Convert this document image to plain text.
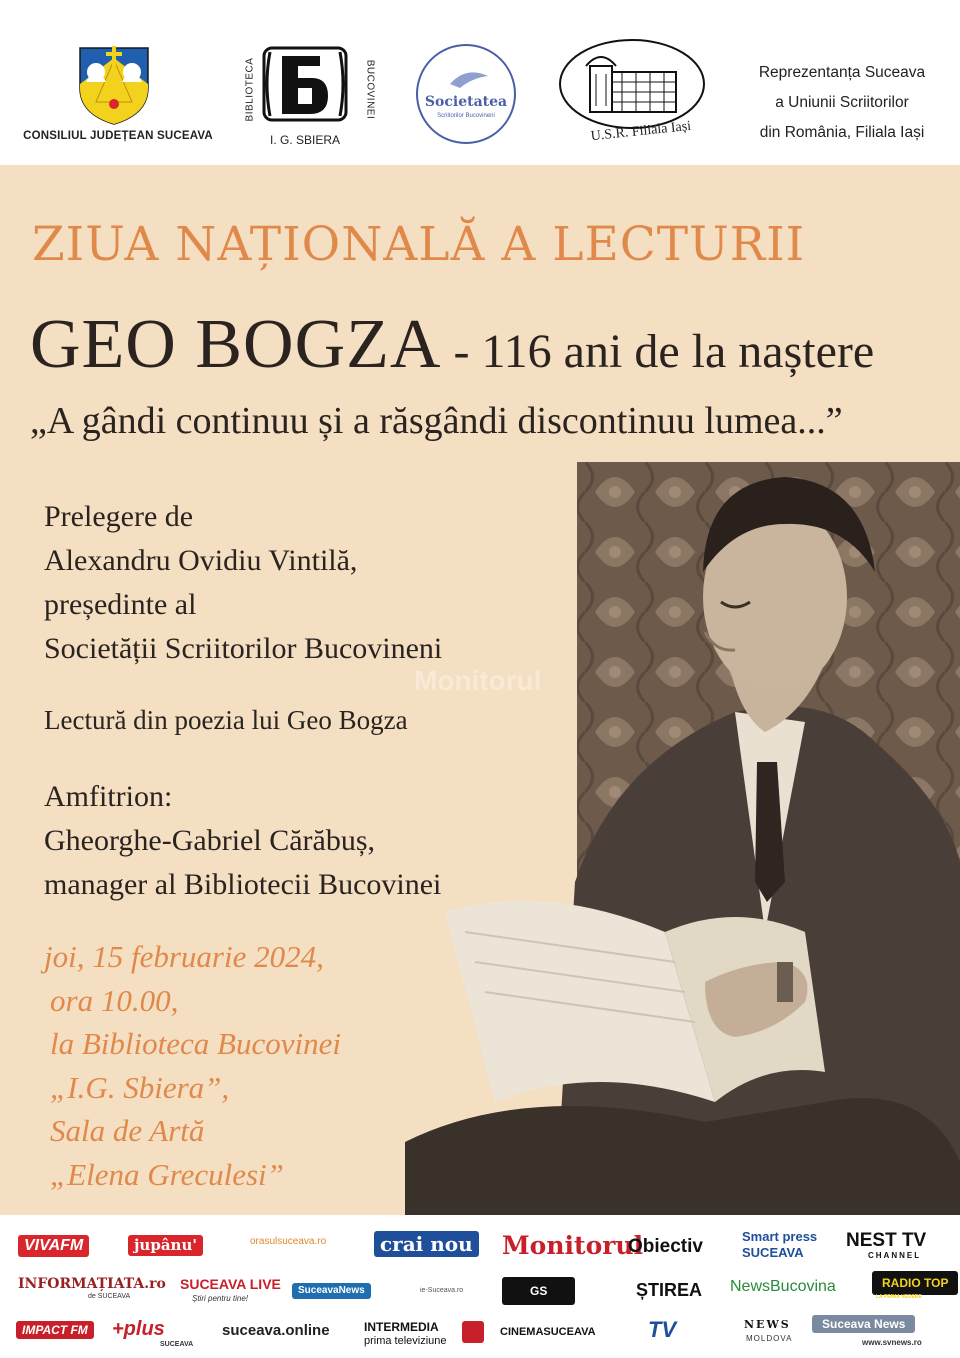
CONSILIUL JUDEȚEAN SUCEAVA
BIBLIOTECA	BUCOVINEI
I. G. SBIERA
Societatea
Scriitorilor Bucovineni
U.S.R. Filiala Iași
Reprezentanța Suceava
a Uniunii Scriitorilor
din România, Filiala Iași
ZIUA NAȚIONALĂ A LECTURII
GEO BOGZA - 116 ani de la naștere
„A gândi continuu și a răsgândi discontinuu lumea...”
Monitorul
Prelegere de
Alexandru Ovidiu Vintilă,
președinte al
Societății Scriitorilor Bucovineni
Lectură din poezia lui Geo Bogza
Amfitrion:
Gheorghe-Gabriel Cărăbuș,
manager al Bibliotecii Bucovinei
joi, 15 februarie 2024,
ora 10.00,
la Biblioteca Bucovinei
„I.G. Sbiera”,
Sala de Artă
„Elena Greculesi”
VIVAFM	jupânu'	orasulsuceava.ro	crai nou Monitorul
Obiectiv	Smart press SUCEAVA
NEST TV
CHANNEL
INFORMAȚIATA.ro
de SUCEAVA
SUCEAVA LIVE
Știri pentru tine!
SuceavaNews	ie-Suceava.ro	GS	ȘTIREA NewsBucovina	RADIO TOP
LA PRIMA VEDERE
IMPACT FM	+plus
SUCEAVA
suceava.online	INTERMEDIA
prima televiziune
CINEMASUCEAVA TV	NEWS
MOLDOVA
Suceava News
www.svnews.ro
